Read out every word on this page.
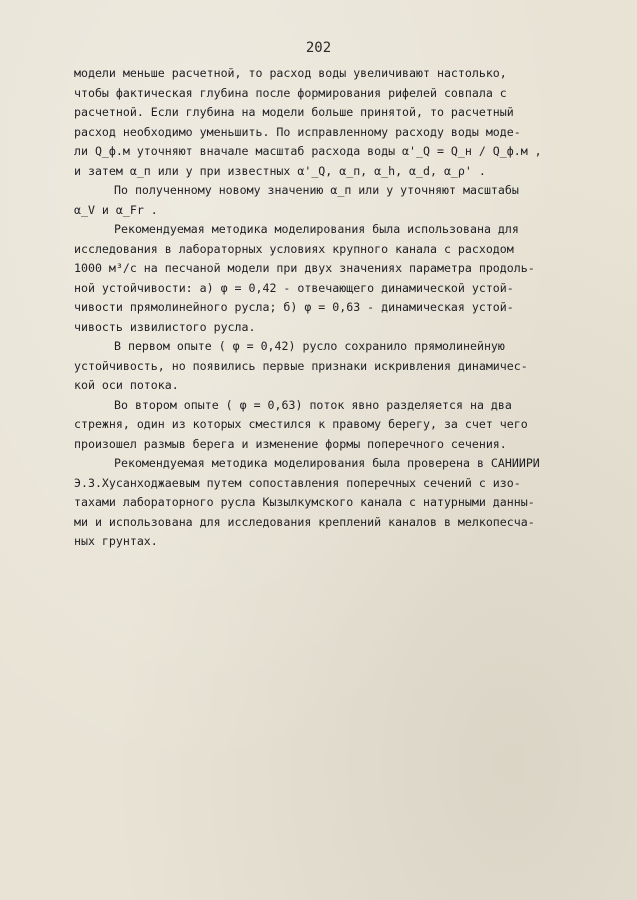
202

модели меньше расчетной, то расход воды увеличивают настолько,
чтобы фактическая глубина после формирования рифелей совпала с
расчетной. Если глубина на модели больше принятой, то расчетный
расход необходимо уменьшить. По исправленному расходу воды моде-
ли Q_ф.м уточняют вначале масштаб расхода воды α'_Q = Q_н / Q_ф.м ,
и затем α_п или y при известных α'_Q, α_п, α_h, α_d, α_ρ' .

По полученному новому значению α_п или y уточняют масштабы
α_V и α_Fr .

Рекомендуемая методика моделирования была использована для
исследования в лабораторных условиях крупного канала с расходом
1000 м³/с на песчаной модели при двух значениях параметра продоль-
ной устойчивости: а) φ = 0,42 - отвечающего динамической устой-
чивости прямолинейного русла; б) φ = 0,63 - динамическая устой-
чивость извилистого русла.

В первом опыте ( φ = 0,42) русло сохранило прямолинейную
устойчивость, но появились первые признаки искривления динамичес-
кой оси потока.

Во втором опыте ( φ = 0,63) поток явно разделяется на два
стрежня, один из которых сместился к правому берегу, за счет чего
произошел размыв берега и изменение формы поперечного сечения.

Рекомендуемая методика моделирования была проверена в САНИИРИ
Э.З.Хусанходжаевым путем сопоставления поперечных сечений с изо-
тахами лабораторного русла Кызылкумского канала с натурными данны-
ми и использована для исследования креплений каналов в мелкопесча-
ных грунтах.
